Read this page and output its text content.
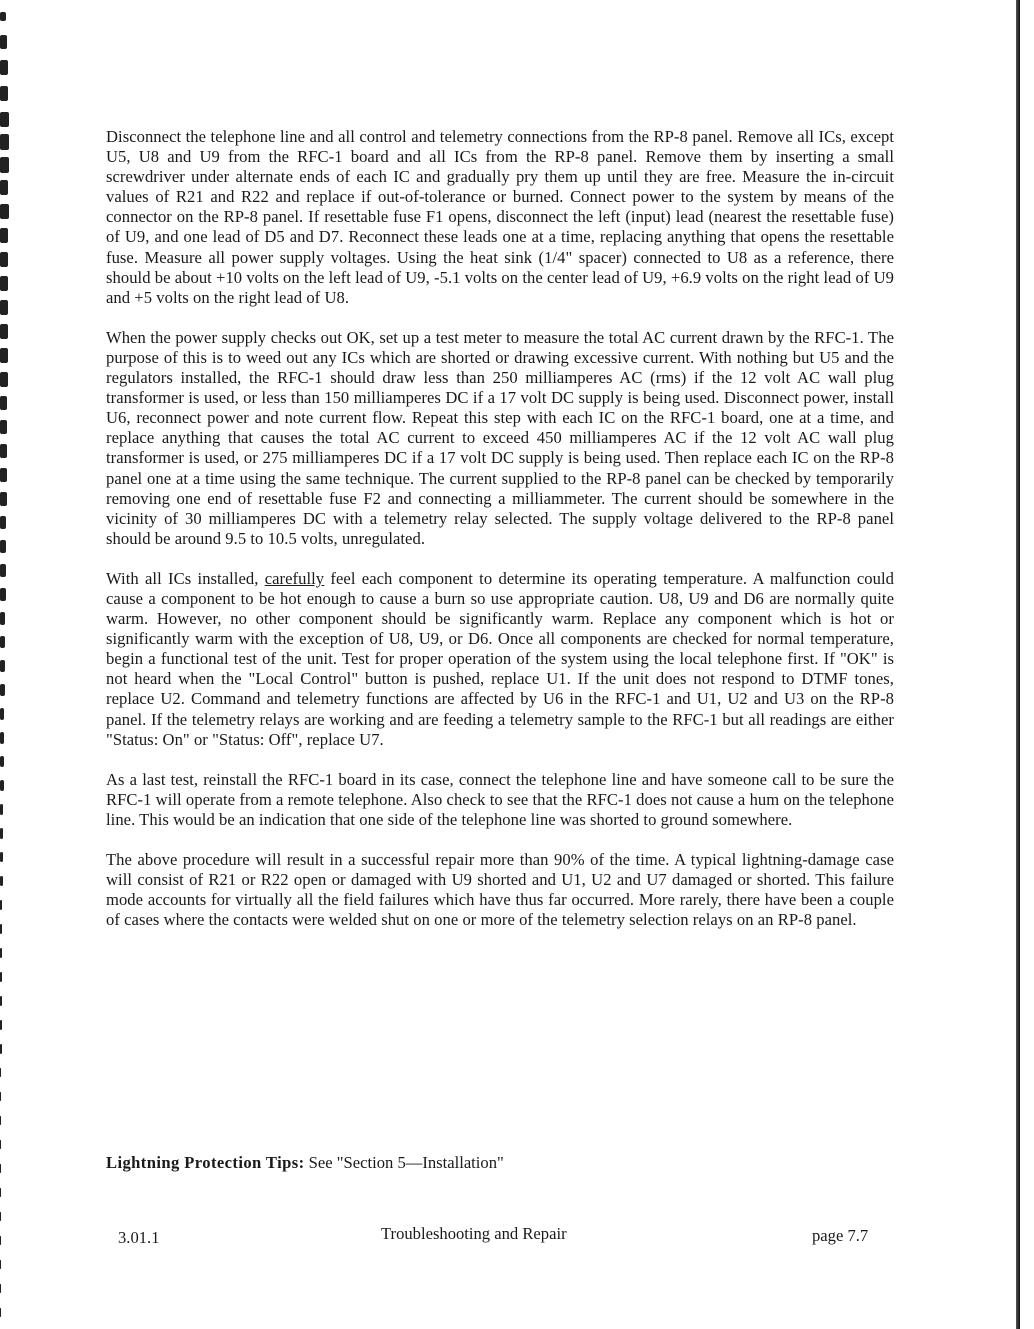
Disconnect the telephone line and all control and telemetry connections from the RP-8 panel. Remove all ICs, except U5, U8 and U9 from the RFC-1 board and all ICs from the RP-8 panel. Remove them by inserting a small screwdriver under alternate ends of each IC and gradually pry them up until they are free. Measure the in-circuit values of R21 and R22 and replace if out-of-tolerance or burned. Connect power to the system by means of the connector on the RP-8 panel. If resettable fuse F1 opens, disconnect the left (input) lead (nearest the resettable fuse) of U9, and one lead of D5 and D7. Reconnect these leads one at a time, replacing anything that opens the resettable fuse. Measure all power supply voltages. Using the heat sink (1/4" spacer) connected to U8 as a reference, there should be about +10 volts on the left lead of U9, -5.1 volts on the center lead of U9, +6.9 volts on the right lead of U9 and +5 volts on the right lead of U8.

When the power supply checks out OK, set up a test meter to measure the total AC current drawn by the RFC-1. The purpose of this is to weed out any ICs which are shorted or drawing excessive current. With nothing but U5 and the regulators installed, the RFC-1 should draw less than 250 milliamperes AC (rms) if the 12 volt AC wall plug transformer is used, or less than 150 milliamperes DC if a 17 volt DC supply is being used. Disconnect power, install U6, reconnect power and note current flow. Repeat this step with each IC on the RFC-1 board, one at a time, and replace anything that causes the total AC current to exceed 450 milliamperes AC if the 12 volt AC wall plug transformer is used, or 275 milliamperes DC if a 17 volt DC supply is being used. Then replace each IC on the RP-8 panel one at a time using the same technique. The current supplied to the RP-8 panel can be checked by temporarily removing one end of resettable fuse F2 and connecting a milliammeter. The current should be somewhere in the vicinity of 30 milliamperes DC with a telemetry relay selected. The supply voltage delivered to the RP-8 panel should be around 9.5 to 10.5 volts, unregulated.

With all ICs installed, carefully feel each component to determine its operating temperature. A malfunction could cause a component to be hot enough to cause a burn so use appropriate caution. U8, U9 and D6 are normally quite warm. However, no other component should be significantly warm. Replace any component which is hot or significantly warm with the exception of U8, U9, or D6. Once all components are checked for normal temperature, begin a functional test of the unit. Test for proper operation of the system using the local telephone first. If "OK" is not heard when the "Local Control" button is pushed, replace U1. If the unit does not respond to DTMF tones, replace U2. Command and telemetry functions are affected by U6 in the RFC-1 and U1, U2 and U3 on the RP-8 panel. If the telemetry relays are working and are feeding a telemetry sample to the RFC-1 but all readings are either "Status: On" or "Status: Off", replace U7.

As a last test, reinstall the RFC-1 board in its case, connect the telephone line and have someone call to be sure the RFC-1 will operate from a remote telephone. Also check to see that the RFC-1 does not cause a hum on the telephone line. This would be an indication that one side of the telephone line was shorted to ground somewhere.

The above procedure will result in a successful repair more than 90% of the time. A typical lightning-damage case will consist of R21 or R22 open or damaged with U9 shorted and U1, U2 and U7 damaged or shorted. This failure mode accounts for virtually all the field failures which have thus far occurred. More rarely, there have been a couple of cases where the contacts were welded shut on one or more of the telemetry selection relays on an RP-8 panel.

Lightning Protection Tips: See "Section 5—Installation"
3.01.1	Troubleshooting and Repair	page 7.7
